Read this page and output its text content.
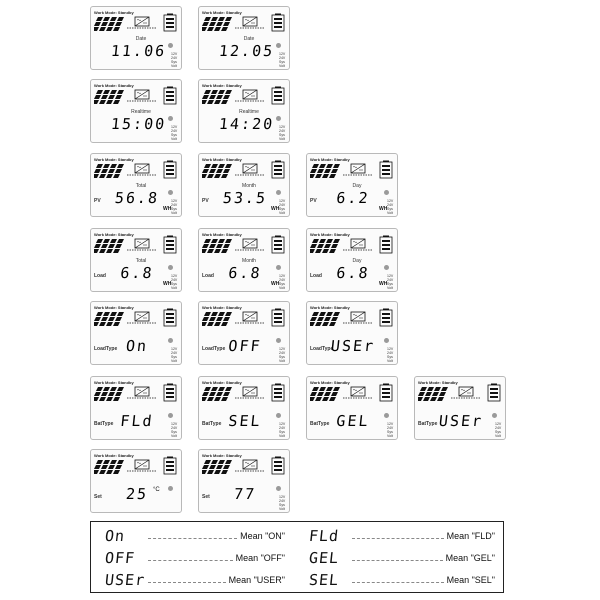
Work Mode: Standby
Date
11.06 12V
24V
Sys Volt
Work Mode: Standby
Date
12.05 12V
24V
Sys Volt
Work Mode: Standby
Realtime
15:00 12V
24V
Sys Volt
Work Mode: Standby
Realtime
14:20 12V
24V
Sys Volt
Work Mode: Standby
PV
Total
56.8
WH
12V
24V
Sys Volt
Work Mode: Standby
PV
Month
53.5
WH
12V
24V
Sys Volt
Work Mode: Standby
PV
Day
6.2
WH
12V
24V
Sys Volt
Work Mode: Standby
Load
Total
6.8
WH
12V
24V
Sys Volt
Work Mode: Standby
Load
Month
6.8
WH
12V
24V
Sys Volt
Work Mode: Standby
Load
Day
6.8
WH
12V
24V
Sys Volt
Work Mode: Standby
LoadType On	12V
24V
Sys Volt
Work Mode: Standby
LoadType OFF	12V
24V
Sys Volt
Work Mode: Standby
LoadType
USEr	12V
24V
Sys Volt
Work Mode: Standby
BatType FLd	12V
24V
Sys Volt
Work Mode: Standby
BatType SEL	12V
24V
Sys Volt
Work Mode: Standby
BatType GEL	12V
24V
Sys Volt
Work Mode: Standby
BatType USEr	12V
24V
Sys Volt
Work Mode: Standby
Set	25 °C
Work Mode: Standby
Set	77	12V
24V
Sys Volt
On	Mean "ON" FLd	Mean "FLD"
OFF	Mean "OFF" GEL	Mean "GEL"
USEr	Mean "USER" SEL	Mean "SEL"
